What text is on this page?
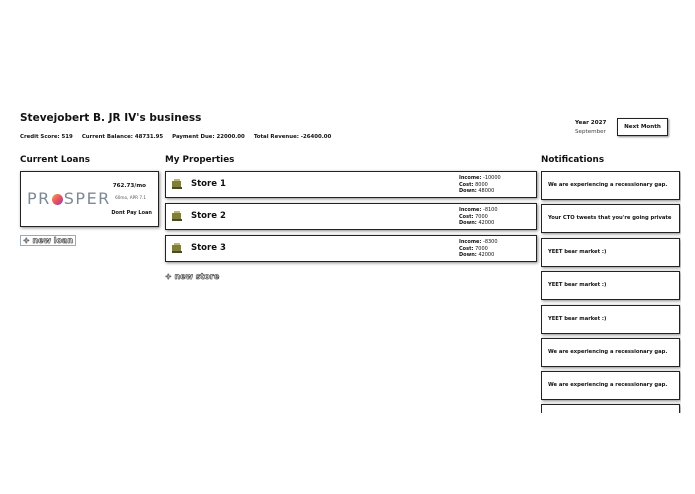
Stevejobert B. JR IV's business
Credit Score: 519 Current Balance: 48731.95 Payment Due: 22000.00 Total Revenue: -26400.00
Year 2027
September
Next Month
Current Loans
PR SPER
762.73/mo
60mo, APR 7.1
Dont Pay Loan
+ new loan
My Properties
Store 1
Income: -10000
Cost: 8000
Down: 48000
Store 2
Income: -8100
Cost: 7000
Down: 42000
Store 3
Income: -8300
Cost: 7000
Down: 42000
+ new store
Notifications
We are experiencing a recessionary gap.
Your CTO tweets that you're going private
YEET bear market :)
YEET bear market :)
YEET bear market :)
We are experiencing a recessionary gap.
We are experiencing a recessionary gap.
